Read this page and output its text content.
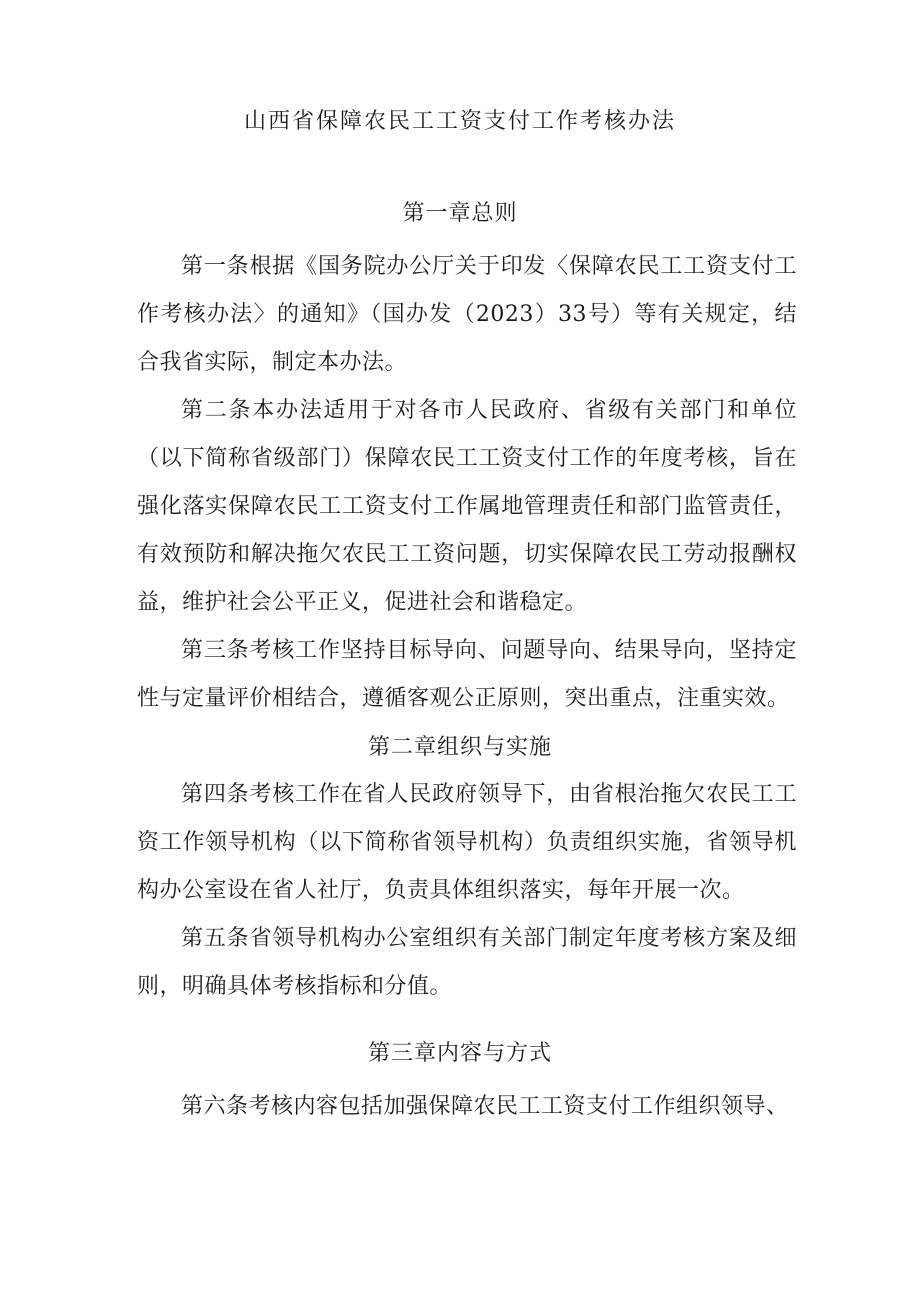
山西省保障农民工工资支付工作考核办法
第一章总则
第一条根据《国务院办公厅关于印发〈保障农民工工资支付工作考核办法〉的通知》（国办发（2023）33号）等有关规定，结合我省实际，制定本办法。
第二条本办法适用于对各市人民政府、省级有关部门和单位（以下简称省级部门）保障农民工工资支付工作的年度考核，旨在强化落实保障农民工工资支付工作属地管理责任和部门监管责任，有效预防和解决拖欠农民工工资问题，切实保障农民工劳动报酬权益，维护社会公平正义，促进社会和谐稳定。
第三条考核工作坚持目标导向、问题导向、结果导向，坚持定性与定量评价相结合，遵循客观公正原则，突出重点，注重实效。
第二章组织与实施
第四条考核工作在省人民政府领导下，由省根治拖欠农民工工资工作领导机构（以下简称省领导机构）负责组织实施，省领导机构办公室设在省人社厅，负责具体组织落实，每年开展一次。
第五条省领导机构办公室组织有关部门制定年度考核方案及细则，明确具体考核指标和分值。
第三章内容与方式
第六条考核内容包括加强保障农民工工资支付工作组织领导、
